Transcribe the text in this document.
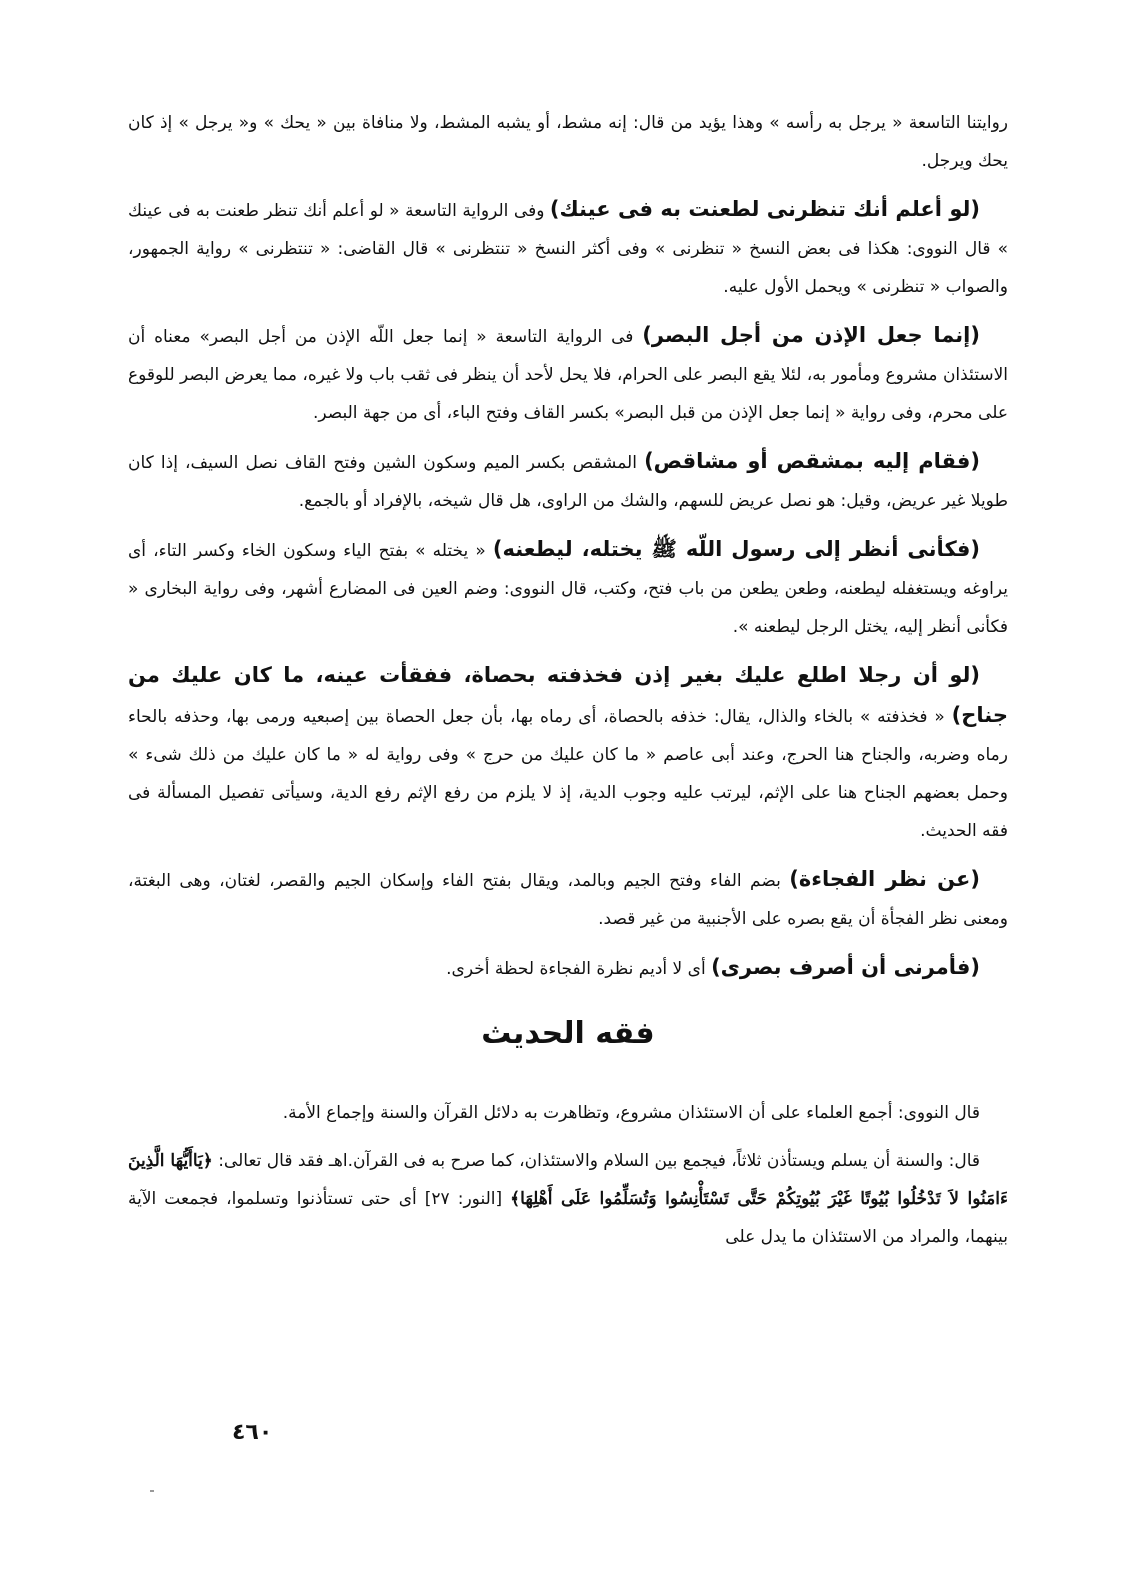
روايتنا التاسعة « يرجل به رأسه » وهذا يؤيد من قال: إنه مشط، أو يشبه المشط، ولا منافاة بين « يحك » و« يرجل » إذ كان يحك ويرجل.

(لو أعلم أنك تنظرنى لطعنت به فى عينك) وفى الرواية التاسعة « لو أعلم أنك تنظر طعنت به فى عينك » قال النووى: هكذا فى بعض النسخ « تنظرنى » وفى أكثر النسخ « تنتظرنى » قال القاضى: « تنتظرنى » رواية الجمهور، والصواب « تنظرنى » ويحمل الأول عليه.

(إنما جعل الإذن من أجل البصر) فى الرواية التاسعة « إنما جعل اللّه الإذن من أجل البصر» معناه أن الاستئذان مشروع ومأمور به، لئلا يقع البصر على الحرام، فلا يحل لأحد أن ينظر فى ثقب باب ولا غيره، مما يعرض البصر للوقوع على محرم، وفى رواية « إنما جعل الإذن من قبل البصر» بكسر القاف وفتح الباء، أى من جهة البصر.

(فقام إليه بمشقص أو مشاقص) المشقص بكسر الميم وسكون الشين وفتح القاف نصل السيف، إذا كان طويلا غير عريض، وقيل: هو نصل عريض للسهم، والشك من الراوى، هل قال شيخه، بالإفراد أو بالجمع.

(فكأنى أنظر إلى رسول اللّه ﷺ يختله، ليطعنه) « يختله » بفتح الياء وسكون الخاء وكسر التاء، أى يراوغه ويستغفله ليطعنه، وطعن يطعن من باب فتح، وكتب، قال النووى: وضم العين فى المضارع أشهر، وفى رواية البخارى « فكأنى أنظر إليه، يختل الرجل ليطعنه ».

(لو أن رجلا اطلع عليك بغير إذن فخذفته بحصاة، ففقأت عينه، ما كان عليك من جناح) « فخذفته » بالخاء والذال، يقال: خذفه بالحصاة، أى رماه بها، بأن جعل الحصاة بين إصبعيه ورمى بها، وحذفه بالحاء رماه وضربه، والجناح هنا الحرج، وعند أبى عاصم « ما كان عليك من حرج » وفى رواية له « ما كان عليك من ذلك شىء » وحمل بعضهم الجناح هنا على الإثم، ليرتب عليه وجوب الدية، إذ لا يلزم من رفع الإثم رفع الدية، وسيأتى تفصيل المسألة فى فقه الحديث.

(عن نظر الفجاءة) بضم الفاء وفتح الجيم وبالمد، ويقال بفتح الفاء وإسكان الجيم والقصر، لغتان، وهى البغتة، ومعنى نظر الفجأة أن يقع بصره على الأجنبية من غير قصد.

(فأمرنى أن أصرف بصرى) أى لا أديم نظرة الفجاءة لحظة أخرى.

فقه الحديث

قال النووى: أجمع العلماء على أن الاستئذان مشروع، وتظاهرت به دلائل القرآن والسنة وإجماع الأمة.

قال: والسنة أن يسلم ويستأذن ثلاثاً، فيجمع بين السلام والاستئذان، كما صرح به فى القرآن.اهـ فقد قال تعالى: ﴿يَاأَيُّهَا الَّذِينَ ءَامَنُوا لاَ تَدْخُلُوا بُيُوتًا غَيْرَ بُيُوتِكُمْ حَتَّى تَسْتَأْنِسُوا وَتُسَلِّمُوا عَلَى أَهْلِهَا﴾ [النور: ٢٧] أى حتى تستأذنوا وتسلموا، فجمعت الآية بينهما، والمراد من الاستئذان ما يدل على

٤٦٠
